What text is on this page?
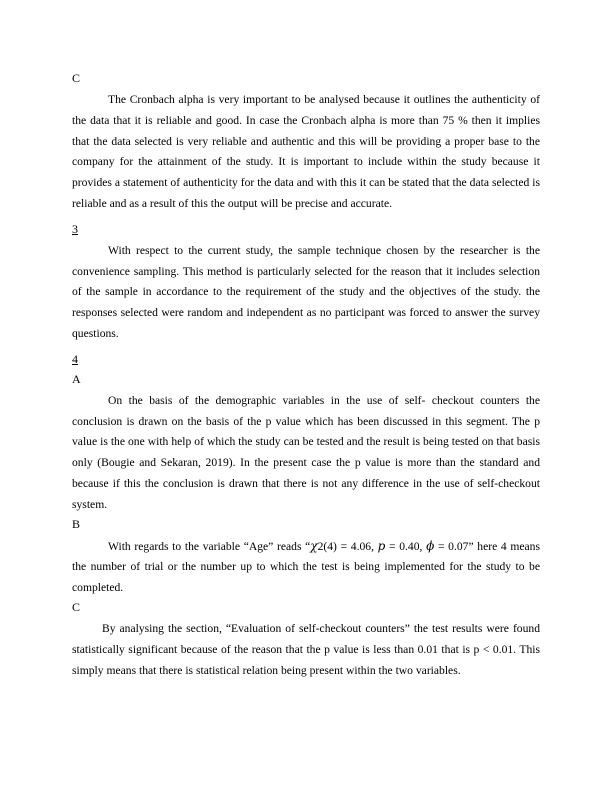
C

The Cronbach alpha is very important to be analysed because it outlines the authenticity of the data that it is reliable and good. In case the Cronbach alpha is more than 75 % then it implies that the data selected is very reliable and authentic and this will be providing a proper base to the company for the attainment of the study. It is important to include within the study because it provides a statement of authenticity for the data and with this it can be stated that the data selected is reliable and as a result of this the output will be precise and accurate.

3

With respect to the current study, the sample technique chosen by the researcher is the convenience sampling. This method is particularly selected for the reason that it includes selection of the sample in accordance to the requirement of the study and the objectives of the study. the responses selected were random and independent as no participant was forced to answer the survey questions.

4

A

On the basis of the demographic variables in the use of self- checkout counters the conclusion is drawn on the basis of the p value which has been discussed in this segment. The p value is the one with help of which the study can be tested and the result is being tested on that basis only (Bougie and Sekaran, 2019). In the present case the p value is more than the standard and because if this the conclusion is drawn that there is not any difference in the use of self-checkout system.

B

With regards to the variable “Age” reads “χ2(4) = 4.06, p = 0.40, ϕ = 0.07” here 4 means the number of trial or the number up to which the test is being implemented for the study to be completed.

C

By analysing the section, “Evaluation of self-checkout counters” the test results were found statistically significant because of the reason that the p value is less than 0.01 that is p < 0.01. This simply means that there is statistical relation being present within the two variables.
